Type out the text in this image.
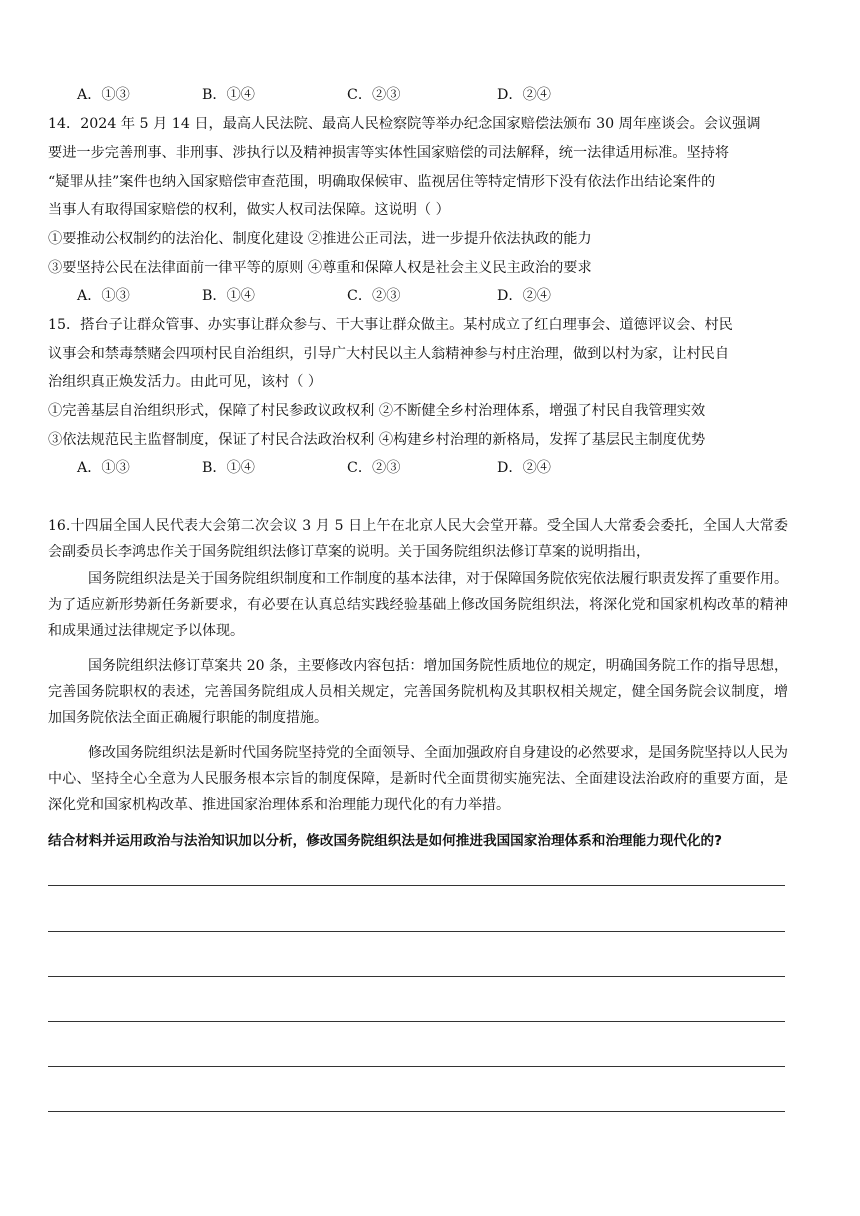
A．①③	B．①④	C．②③	D．②④
14．2024 年 5 月 14 日，最高人民法院、最高人民检察院等举办纪念国家赔偿法颁布 30 周年座谈会。会议强调
要进一步完善刑事、非刑事、涉执行以及精神损害等实体性国家赔偿的司法解释，统一法律适用标准。坚持将
“疑罪从挂”案件也纳入国家赔偿审查范围，明确取保候审、监视居住等特定情形下没有依法作出结论案件的
当事人有取得国家赔偿的权利，做实人权司法保障。这说明（ ）
①要推动公权制约的法治化、制度化建设 ②推进公正司法，进一步提升依法执政的能力
③要坚持公民在法律面前一律平等的原则 ④尊重和保障人权是社会主义民主政治的要求
A．①③	B．①④	C．②③	D．②④
15．搭台子让群众管事、办实事让群众参与、干大事让群众做主。某村成立了红白理事会、道德评议会、村民
议事会和禁毒禁赌会四项村民自治组织，引导广大村民以主人翁精神参与村庄治理，做到以村为家，让村民自
治组织真正焕发活力。由此可见，该村（ ）
①完善基层自治组织形式，保障了村民参政议政权利 ②不断健全乡村治理体系，增强了村民自我管理实效
③依法规范民主监督制度，保证了村民合法政治权利 ④构建乡村治理的新格局，发挥了基层民主制度优势
A．①③	B．①④	C．②③	D．②④
16.十四届全国人民代表大会第二次会议 3 月 5 日上午在北京人民大会堂开幕。受全国人大常委会委托，全国人大常委会副委员长李鸿忠作关于国务院组织法修订草案的说明。关于国务院组织法修订草案的说明指出，
国务院组织法是关于国务院组织制度和工作制度的基本法律，对于保障国务院依宪依法履行职责发挥了重要作用。为了适应新形势新任务新要求，有必要在认真总结实践经验基础上修改国务院组织法，将深化党和国家机构改革的精神和成果通过法律规定予以体现。
国务院组织法修订草案共 20 条，主要修改内容包括：增加国务院性质地位的规定，明确国务院工作的指导思想，完善国务院职权的表述，完善国务院组成人员相关规定，完善国务院机构及其职权相关规定，健全国务院会议制度，增加国务院依法全面正确履行职能的制度措施。
修改国务院组织法是新时代国务院坚持党的全面领导、全面加强政府自身建设的必然要求，是国务院坚持以人民为中心、坚持全心全意为人民服务根本宗旨的制度保障，是新时代全面贯彻实施宪法、全面建设法治政府的重要方面，是深化党和国家机构改革、推进国家治理体系和治理能力现代化的有力举措。
结合材料并运用政治与法治知识加以分析，修改国务院组织法是如何推进我国国家治理体系和治理能力现代化的?
